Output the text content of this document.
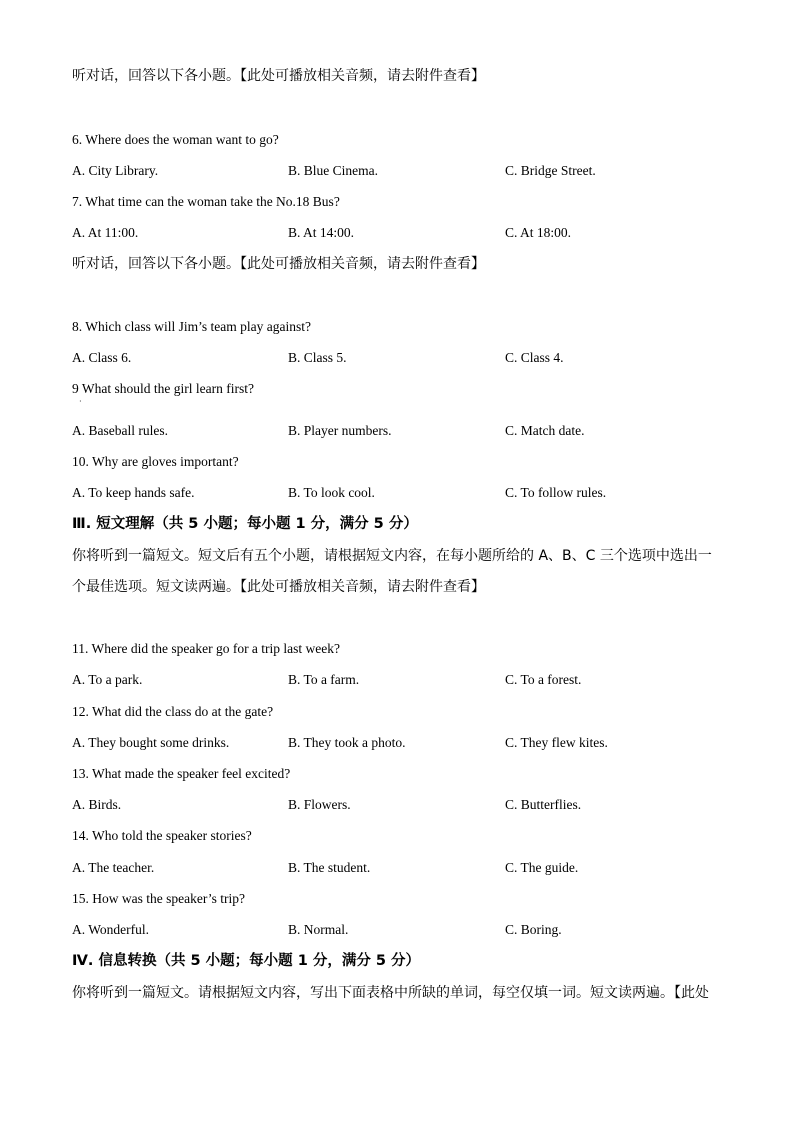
听对话，回答以下各小题。【此处可播放相关音频，请去附件查看】
6. Where does the woman want to go?
A. City Library.	B. Blue Cinema.	C. Bridge Street.
7. What time can the woman take the No.18 Bus?
A. At 11:00.	B. At 14:00.	C. At 18:00.
听对话，回答以下各小题。【此处可播放相关音频，请去附件查看】
8. Which class will Jim’s team play against?
A. Class 6.	B. Class 5.	C. Class 4.
9 What should the girl learn first?
·
A. Baseball rules.	B. Player numbers.	C. Match date.
10. Why are gloves important?
A. To keep hands safe.	B. To look cool.	C. To follow rules.
Ⅲ. 短文理解（共 5 小题；每小题 1 分，满分 5 分）
你将听到一篇短文。短文后有五个小题，请根据短文内容，在每小题所给的 A、B、C 三个选项中选出一
个最佳选项。短文读两遍。【此处可播放相关音频，请去附件查看】
11. Where did the speaker go for a trip last week?
A. To a park.	B. To a farm.	C. To a forest.
12. What did the class do at the gate?
A. They bought some drinks.	B. They took a photo.	C. They flew kites.
13. What made the speaker feel excited?
A. Birds.	B. Flowers.	C. Butterflies.
14. Who told the speaker stories?
A. The teacher.	B. The student.	C. The guide.
15. How was the speaker’s trip?
A. Wonderful.	B. Normal.	C. Boring.
Ⅳ. 信息转换（共 5 小题；每小题 1 分，满分 5 分）
你将听到一篇短文。请根据短文内容，写出下面表格中所缺的单词，每空仅填一词。短文读两遍。【此处
